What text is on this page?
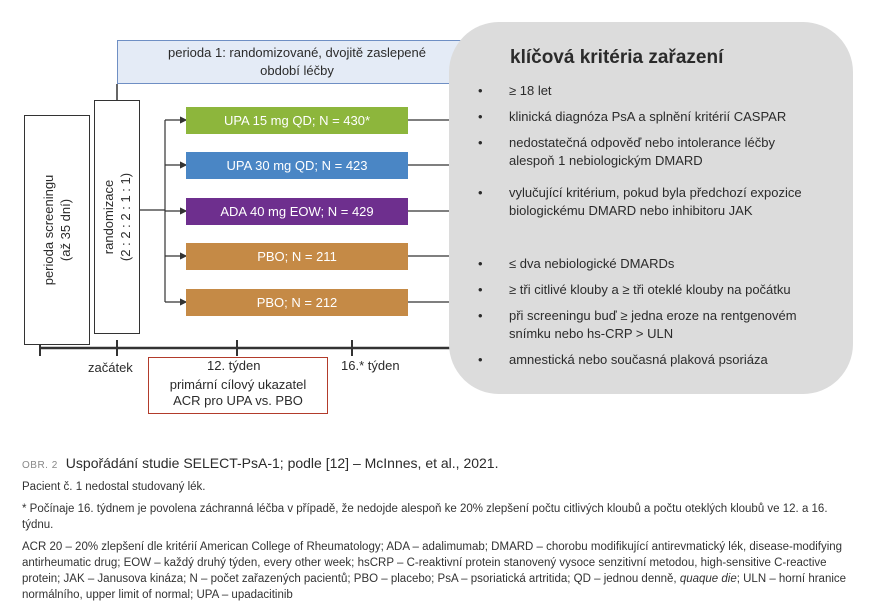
perioda 1: randomizované, dvojitě zaslepené
období léčby
perioda screeningu (až 35 dní) randomizace (2 : 2 : 2 : 1 : 1)
UPA 15 mg QD; N = 430*
UPA 30 mg QD; N = 423
ADA 40 mg EOW; N = 429
PBO; N = 211
PBO; N = 212
začátek
primární cílový ukazatel
ACR pro UPA vs. PBO
12. týden	16.* týden
klíčová kritéria zařazení
• ≥ 18 let
• klinická diagnóza PsA a splnění kritérií CASPAR
• nedostatečná odpověď nebo intolerance léčby alespoň 1 nebiologickým DMARD
• vylučující kritérium, pokud byla předchozí expozice biologickému DMARD nebo inhibitoru JAK
• ≤ dva nebiologické DMARDs
• ≥ tři citlivé klouby a ≥ tři oteklé klouby na počátku
• při screeningu buď ≥ jedna eroze na rentgenovém snímku nebo hs-CRP > ULN
• amnestická nebo současná plaková psoriáza
OBR. 2 Uspořádání studie SELECT-PsA-1; podle [12] – McInnes, et al., 2021.
Pacient č. 1 nedostal studovaný lék.
* Počínaje 16. týdnem je povolena záchranná léčba v případě, že nedojde alespoň ke 20% zlepšení počtu citlivých kloubů a počtu oteklých kloubů ve 12. a 16. týdnu.
ACR 20 – 20% zlepšení dle kritérií American College of Rheumatology; ADA – adalimumab; DMARD – chorobu modifikující antirevmatický lék, disease-modifying antirheumatic drug; EOW – každý druhý týden, every other week; hsCRP – C-reaktivní protein stanovený vysoce senzitivní metodou, high-sensitive C-reactive protein; JAK – Janusova kináza; N – počet zařazených pacientů; PBO – placebo; PsA – psoriatická artritida; QD – jednou denně, quaque die; ULN – horní hranice normálního, upper limit of normal; UPA – upadacitinib
